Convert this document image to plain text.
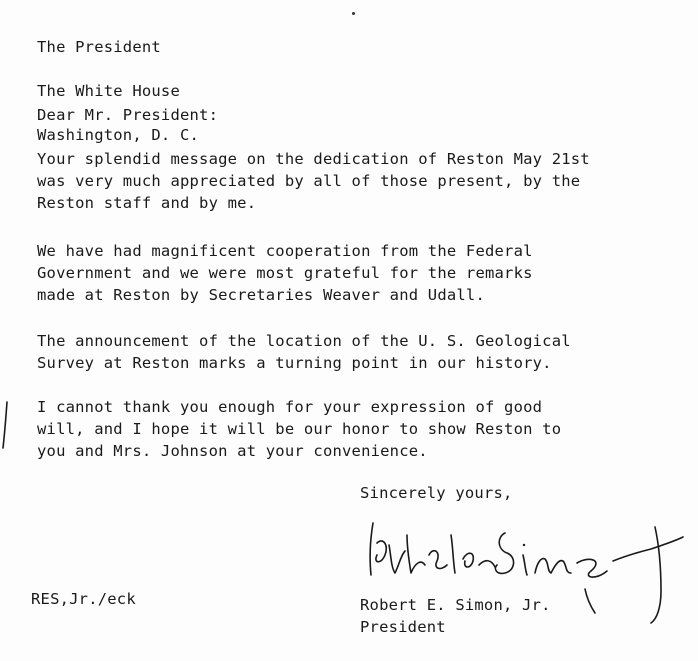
The President

The White House

Washington, D. C.

Dear Mr. President:
Your splendid message on the dedication of Reston May 21st
was very much appreciated by all of those present, by the
Reston staff and by me.
We have had magnificent cooperation from the Federal
Government and we were most grateful for the remarks
made at Reston by Secretaries Weaver and Udall.
The announcement of the location of the U. S. Geological
Survey at Reston marks a turning point in our history.
I cannot thank you enough for your expression of good
will, and I hope it will be our honor to show Reston to
you and Mrs. Johnson at your convenience.
Sincerely yours,
RES,Jr./eck	Robert E. Simon, Jr.
President
